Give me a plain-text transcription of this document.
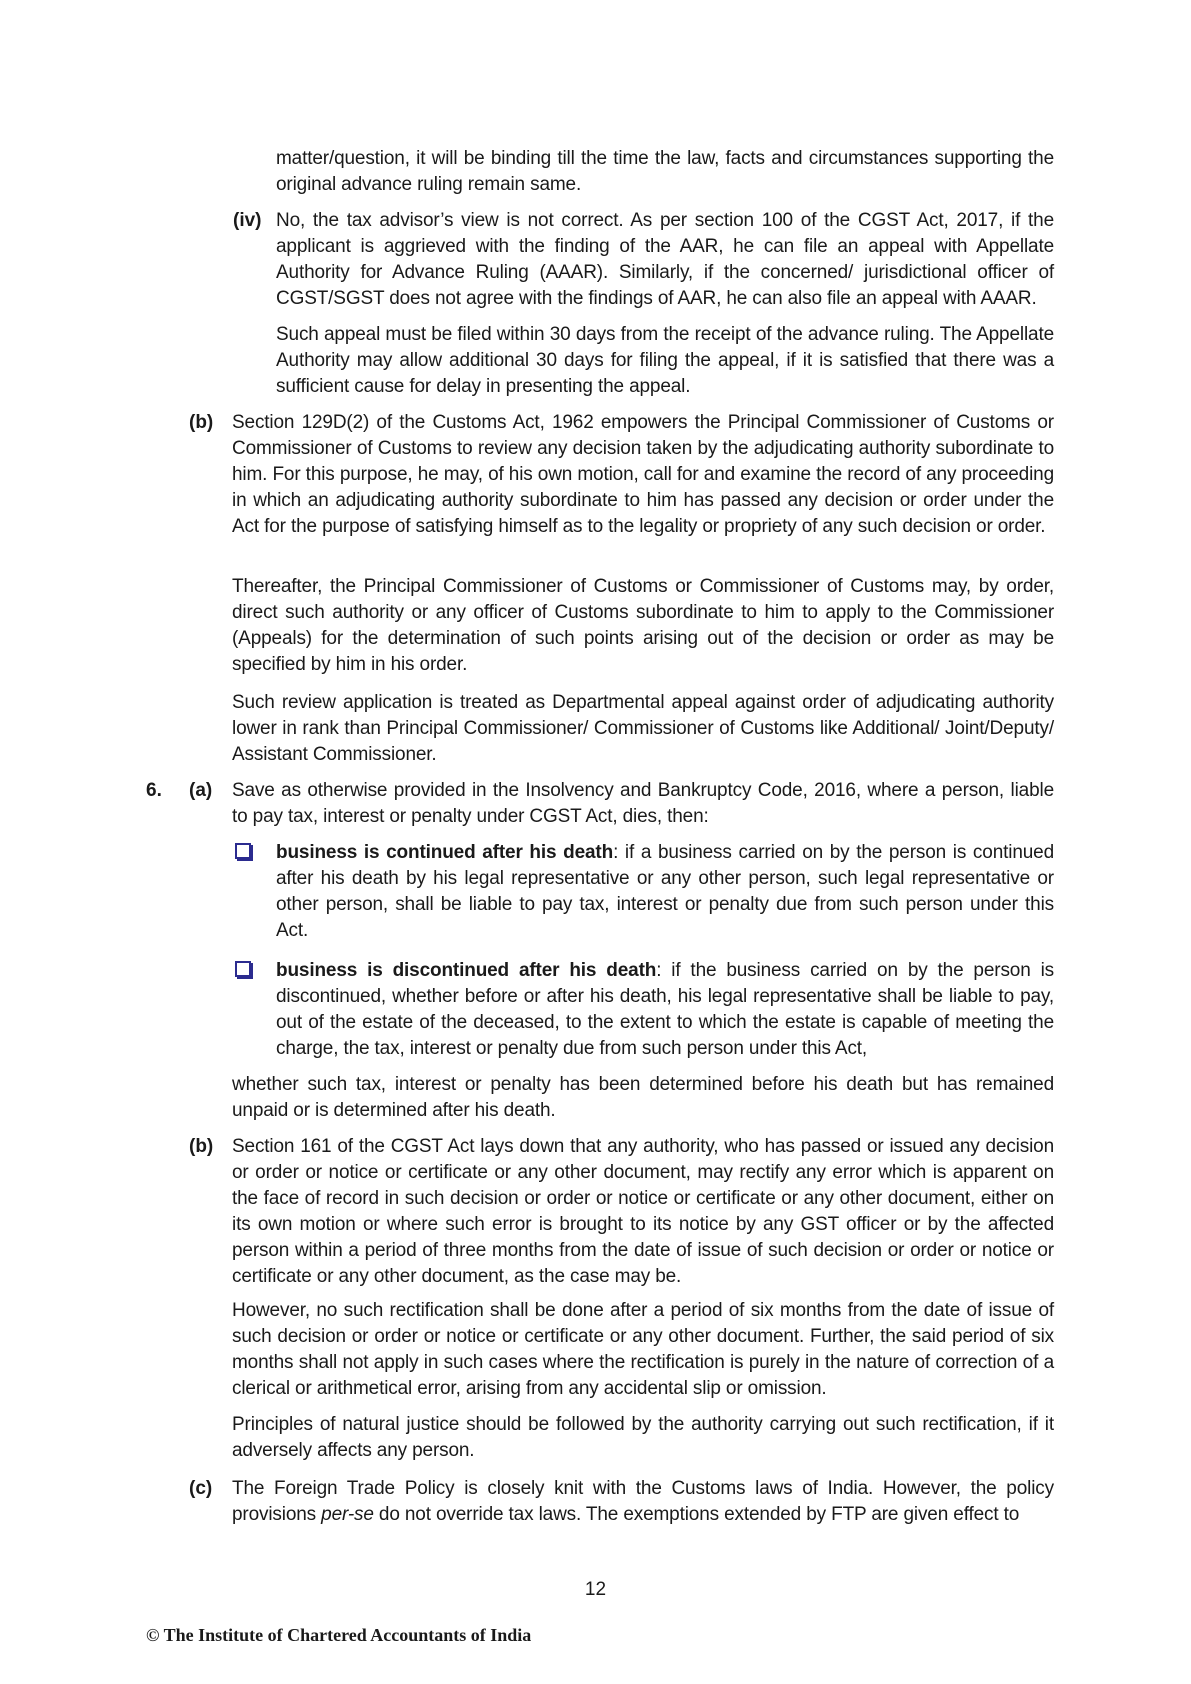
matter/question, it will be binding till the time the law, facts and circumstances supporting the original advance ruling remain same.
(iv) No, the tax advisor’s view is not correct. As per section 100 of the CGST Act, 2017, if the applicant is aggrieved with the finding of the AAR, he can file an appeal with Appellate Authority for Advance Ruling (AAAR). Similarly, if the concerned/ jurisdictional officer of CGST/SGST does not agree with the findings of AAR, he can also file an appeal with AAAR.
Such appeal must be filed within 30 days from the receipt of the advance ruling. The Appellate Authority may allow additional 30 days for filing the appeal, if it is satisfied that there was a sufficient cause for delay in presenting the appeal.
(b) Section 129D(2) of the Customs Act, 1962 empowers the Principal Commissioner of Customs or Commissioner of Customs to review any decision taken by the adjudicating authority subordinate to him. For this purpose, he may, of his own motion, call for and examine the record of any proceeding in which an adjudicating authority subordinate to him has passed any decision or order under the Act for the purpose of satisfying himself as to the legality or propriety of any such decision or order.
Thereafter, the Principal Commissioner of Customs or Commissioner of Customs may, by order, direct such authority or any officer of Customs subordinate to him to apply to the Commissioner (Appeals) for the determination of such points arising out of the decision or order as may be specified by him in his order.
Such review application is treated as Departmental appeal against order of adjudicating authority lower in rank than Principal Commissioner/ Commissioner of Customs like Additional/ Joint/Deputy/ Assistant Commissioner.
6. (a) Save as otherwise provided in the Insolvency and Bankruptcy Code, 2016, where a person, liable to pay tax, interest or penalty under CGST Act, dies, then:
business is continued after his death: if a business carried on by the person is continued after his death by his legal representative or any other person, such legal representative or other person, shall be liable to pay tax, interest or penalty due from such person under this Act.
business is discontinued after his death: if the business carried on by the person is discontinued, whether before or after his death, his legal representative shall be liable to pay, out of the estate of the deceased, to the extent to which the estate is capable of meeting the charge, the tax, interest or penalty due from such person under this Act,
whether such tax, interest or penalty has been determined before his death but has remained unpaid or is determined after his death.
(b) Section 161 of the CGST Act lays down that any authority, who has passed or issued any decision or order or notice or certificate or any other document, may rectify any error which is apparent on the face of record in such decision or order or notice or certificate or any other document, either on its own motion or where such error is brought to its notice by any GST officer or by the affected person within a period of three months from the date of issue of such decision or order or notice or certificate or any other document, as the case may be.
However, no such rectification shall be done after a period of six months from the date of issue of such decision or order or notice or certificate or any other document. Further, the said period of six months shall not apply in such cases where the rectification is purely in the nature of correction of a clerical or arithmetical error, arising from any accidental slip or omission.
Principles of natural justice should be followed by the authority carrying out such rectification, if it adversely affects any person.
(c) The Foreign Trade Policy is closely knit with the Customs laws of India. However, the policy provisions per-se do not override tax laws. The exemptions extended by FTP are given effect to
12
© The Institute of Chartered Accountants of India
